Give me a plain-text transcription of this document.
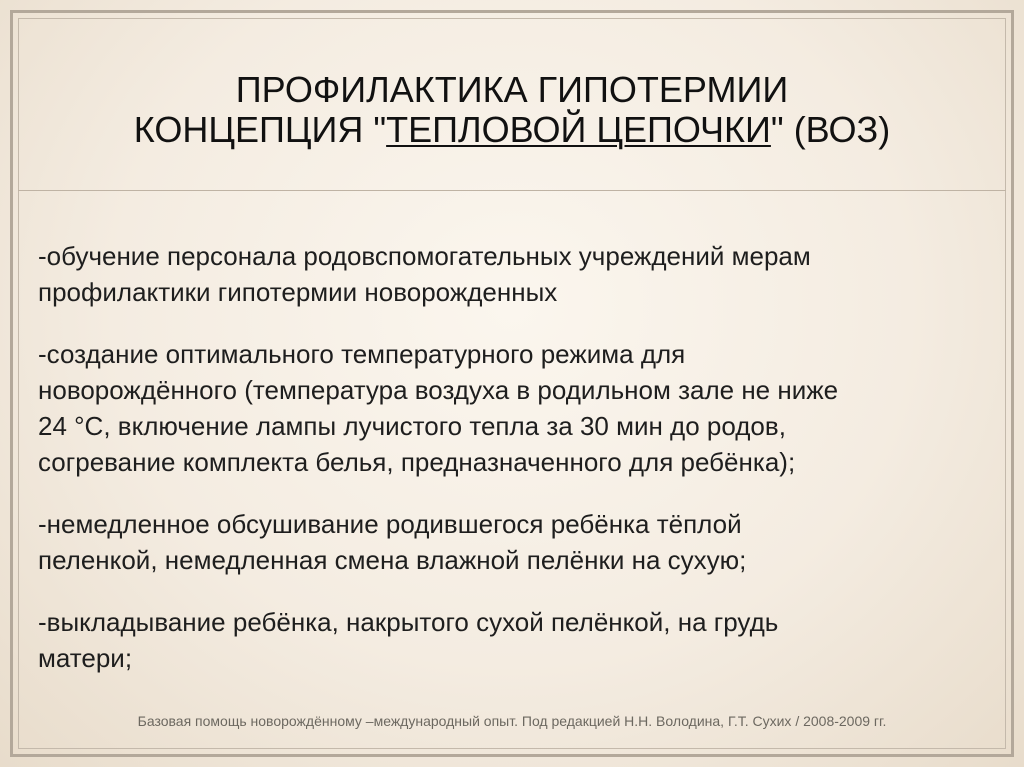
ПРОФИЛАКТИКА ГИПОТЕРМИИ
КОНЦЕПЦИЯ "ТЕПЛОВОЙ ЦЕПОЧКИ" (ВОЗ)
-обучение персонала родовспомогательных учреждений мерам
профилактики гипотермии новорожденных
-создание оптимального температурного режима для
новорождённого (температура воздуха в родильном зале не ниже
24 °С, включение лампы лучистого тепла за 30 мин до родов,
согревание комплекта белья, предназначенного для ребёнка);
-немедленное обсушивание родившегося ребёнка тёплой
пеленкой, немедленная смена влажной пелёнки на сухую;
-выкладывание ребёнка, накрытого сухой пелёнкой, на грудь
матери;
Базовая помощь новорождённому –международный опыт. Под редакцией Н.Н. Володина, Г.Т. Сухих / 2008-2009 гг.
